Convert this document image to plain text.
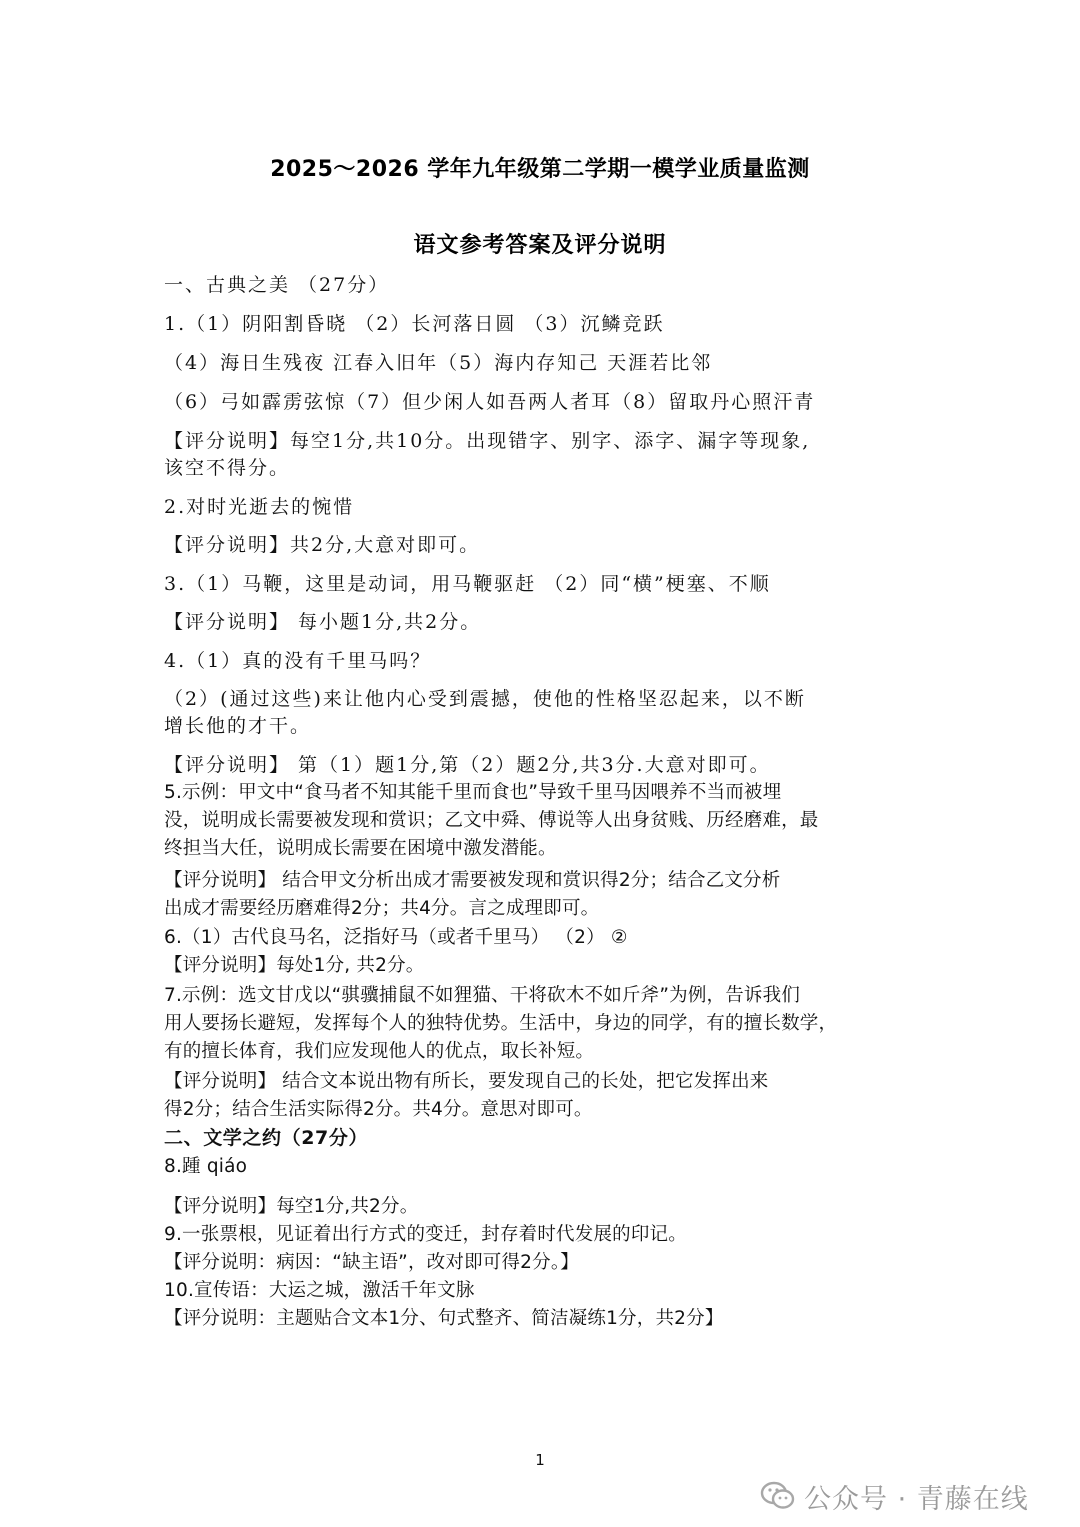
2025～2026 学年九年级第二学期一模学业质量监测
语文参考答案及评分说明
一、古典之美 （27分）
1.（1）阴阳割昏晓 （2）长河落日圆 （3）沉鳞竞跃
（4）海日生残夜 江春入旧年（5）海内存知己 天涯若比邻
（6）弓如霹雳弦惊（7）但少闲人如吾两人者耳（8）留取丹心照汗青
【评分说明】每空1分,共10分。出现错字、别字、添字、漏字等现象,
该空不得分。
2.对时光逝去的惋惜
【评分说明】共2分,大意对即可。
3.（1）马鞭，这里是动词，用马鞭驱赶 （2）同“横”梗塞、不顺
【评分说明】 每小题1分,共2分。
4.（1）真的没有千里马吗？
（2）(通过这些)来让他内心受到震撼，使他的性格坚忍起来，以不断
增长他的才干。
【评分说明】 第（1）题1分,第（2）题2分,共3分.大意对即可。
5.示例：甲文中“食马者不知其能千里而食也”导致千里马因喂养不当而被埋
没，说明成长需要被发现和赏识；乙文中舜、傅说等人出身贫贱、历经磨难，最
终担当大任，说明成长需要在困境中激发潜能。
【评分说明】 结合甲文分析出成才需要被发现和赏识得2分；结合乙文分析
出成才需要经历磨难得2分；共4分。言之成理即可。
6.（1）古代良马名，泛指好马（或者千里马） （2） ②
【评分说明】每处1分, 共2分。
7.示例：选文甘戊以“骐骥捕鼠不如狸猫、干将砍木不如斤斧”为例，告诉我们
用人要扬长避短，发挥每个人的独特优势。生活中，身边的同学，有的擅长数学，
有的擅长体育，我们应发现他人的优点，取长补短。
【评分说明】 结合文本说出物有所长，要发现自己的长处，把它发挥出来
得2分；结合生活实际得2分。共4分。意思对即可。
二、文学之约（27分）
8.踵 qiáo
【评分说明】每空1分,共2分。
9.一张票根，见证着出行方式的变迁，封存着时代发展的印记。
【评分说明：病因：“缺主语”，改对即可得2分。】
10.宣传语：大运之城，激活千年文脉
【评分说明：主题贴合文本1分、句式整齐、简洁凝练1分，共2分】
1
公众号 · 青藤在线
